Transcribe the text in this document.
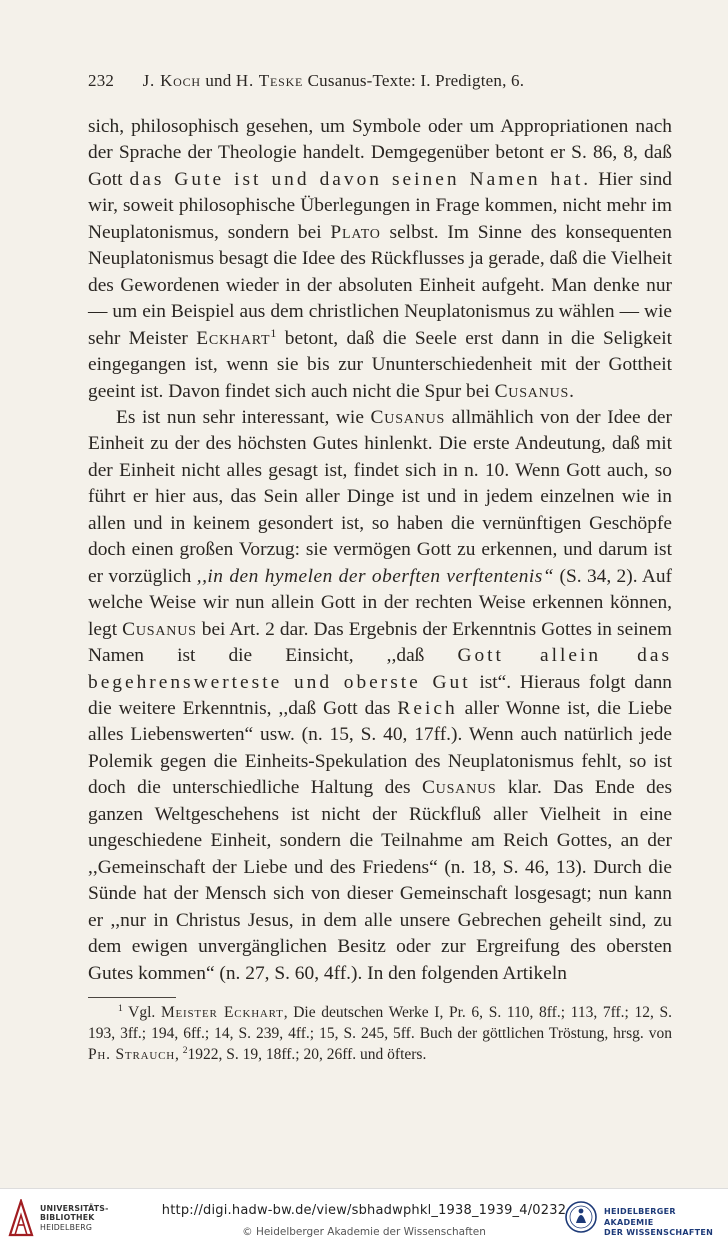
232 J. Koch und H. Teske Cusanus-Texte: I. Predigten, 6.

sich, philosophisch gesehen, um Symbole oder um Appropriationen nach der Sprache der Theologie handelt. Demgegenüber betont er S. 86, 8, daß Gott das Gute ist und davon seinen Namen hat. Hier sind wir, soweit philosophische Überlegungen in Frage kommen, nicht mehr im Neuplatonismus, sondern bei Plato selbst. Im Sinne des konsequenten Neuplatonismus besagt die Idee des Rückflusses ja gerade, daß die Vielheit des Gewordenen wieder in der absoluten Einheit aufgeht. Man denke nur — um ein Beispiel aus dem christlichen Neuplatonismus zu wählen — wie sehr Meister Eckhart$^1$ betont, daß die Seele erst dann in die Seligkeit eingegangen ist, wenn sie bis zur Ununterschiedenheit mit der Gottheit geeint ist. Davon findet sich auch nicht die Spur bei Cusanus.

Es ist nun sehr interessant, wie Cusanus allmählich von der Idee der Einheit zu der des höchsten Gutes hinlenkt. Die erste Andeutung, daß mit der Einheit nicht alles gesagt ist, findet sich in n. 10. Wenn Gott auch, so führt er hier aus, das Sein aller Dinge ist und in jedem einzelnen wie in allen und in keinem gesondert ist, so haben die vernünftigen Geschöpfe doch einen großen Vorzug: sie vermögen Gott zu erkennen, und darum ist er vorzüglich ,,in den hymelen der oberften verftentenis“ (S. 34, 2). Auf welche Weise wir nun allein Gott in der rechten Weise erkennen können, legt Cusanus bei Art. 2 dar. Das Ergebnis der Erkenntnis Gottes in seinem Namen ist die Einsicht, ,,daß Gott allein das begehrenswerteste und oberste Gut ist“. Hieraus folgt dann die weitere Erkenntnis, ,,daß Gott das Reich aller Wonne ist, die Liebe alles Liebenswerten“ usw. (n. 15, S. 40, 17ff.). Wenn auch natürlich jede Polemik gegen die Einheits-Spekulation des Neuplatonismus fehlt, so ist doch die unterschiedliche Haltung des Cusanus klar. Das Ende des ganzen Weltgeschehens ist nicht der Rückfluß aller Vielheit in eine ungeschiedene Einheit, sondern die Teilnahme am Reich Gottes, an der ,,Gemeinschaft der Liebe und des Friedens“ (n. 18, S. 46, 13). Durch die Sünde hat der Mensch sich von dieser Gemeinschaft losgesagt; nun kann er ,,nur in Christus Jesus, in dem alle unsere Gebrechen geheilt sind, zu dem ewigen unvergänglichen Besitz oder zur Ergreifung des obersten Gutes kommen“ (n. 27, S. 60, 4ff.). In den folgenden Artikeln

$^1$ Vgl. Meister Eckhart, Die deutschen Werke I, Pr. 6, S. 110, 8ff.; 113, 7ff.; 12, S. 193, 3ff.; 194, 6ff.; 14, S. 239, 4ff.; 15, S. 245, 5ff. Buch der göttlichen Tröstung, hrsg. von Ph. Strauch, $^2$1922, S. 19, 18ff.; 20, 26ff. und öfters.
UNIVERSITÄTS-
BIBLIOTHEK
HEIDELBERG
http://digi.hadw-bw.de/view/sbhadwphkl_1938_1939_4/0232
© Heidelberger Akademie der Wissenschaften
HEIDELBERGER AKADEMIE
DER WISSENSCHAFTEN
